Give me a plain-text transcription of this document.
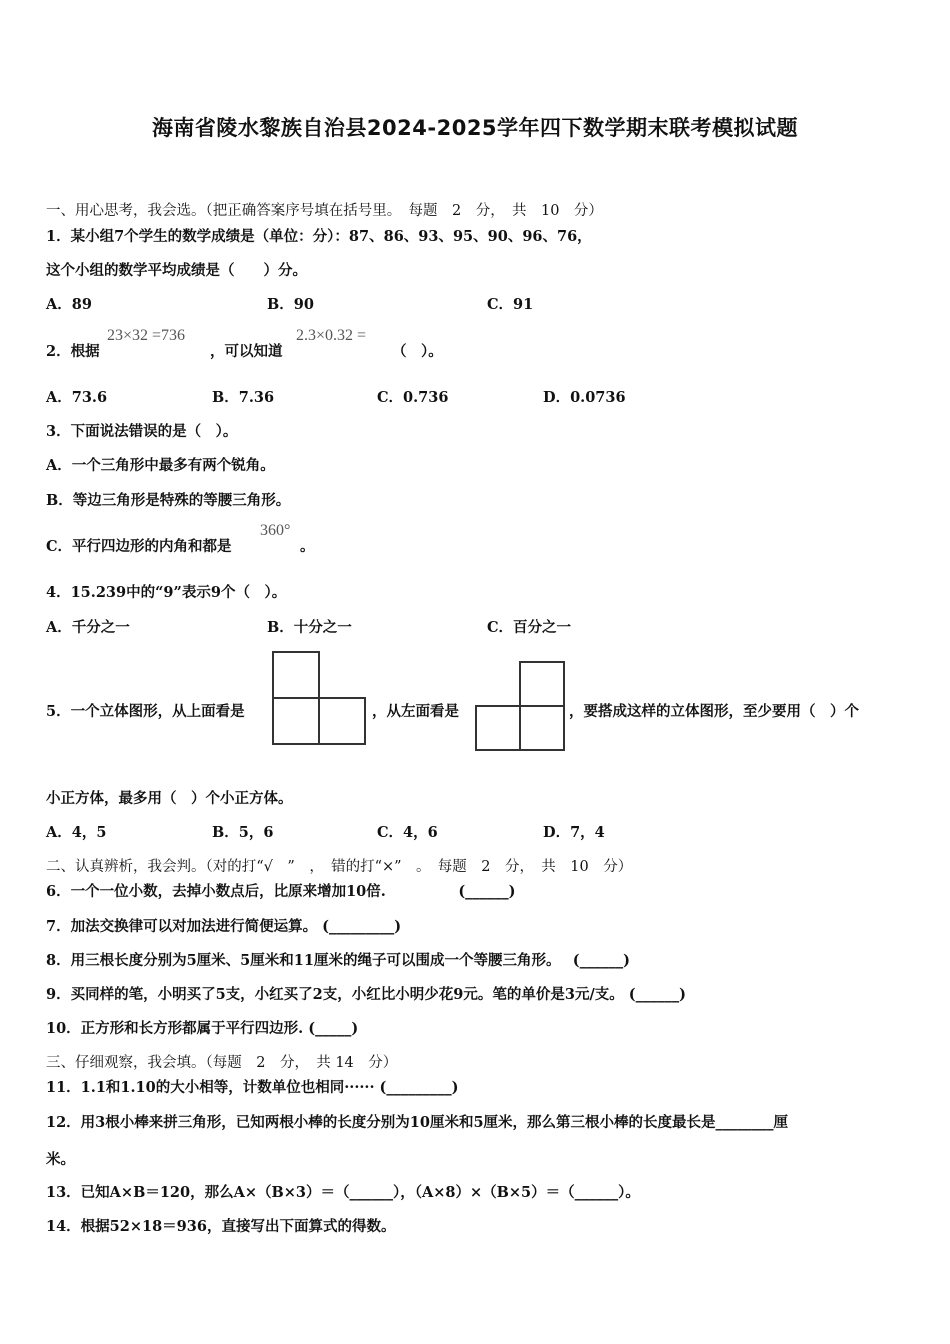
海南省陵水黎族自治县2024-2025学年四下数学期末联考模拟试题
一、用心思考，我会选。（把正确答案序号填在括号里。　每题　2　分，　共　10　分）
1．某小组7个学生的数学成绩是（单位：分）：87、86、93、95、90、96、76，
这个小组的数学平均成绩是（　　）分。
A．89	B．90	C．91
2．根据
23×32 =736
，可以知道
2.3×0.32 =
（　）。
A．73.6	B．7.36	C．0.736	D．0.0736
3．下面说法错误的是（　）。
A．一个三角形中最多有两个锐角。
B．等边三角形是特殊的等腰三角形。
C．平行四边形的内角和都是
360°
。
4．15.239中的“9”表示9个（　）。
A．千分之一	B．十分之一	C．百分之一
5．一个立体图形，从上面看是	，从左面看是	，要搭成这样的立体图形，至少要用（　）个
小正方体，最多用（　）个小正方体。
A．4，5	B．5，6	C．4，6	D．7，4
二、认真辨析，我会判。（对的打“√　”　，　错的打“×”　。　每题　2　分，　共　10　分）
6．一个一位小数，去掉小数点后，比原来增加10倍.　　　　　(______)
7．加法交换律可以对加法进行简便运算。 (_________)
8．用三根长度分别为5厘米、5厘米和11厘米的绳子可以围成一个等腰三角形。　 (______)
9．买同样的笔，小明买了5支，小红买了2支，小红比小明少花9元。笔的单价是3元/支。 (______)
10．正方形和长方形都属于平行四边形. (_____)
三、仔细观察，我会填。（每题　2　分，　共 14　分）
11．1.1和1.10的大小相等，计数单位也相同······ (_________)
12．用3根小棒来拼三角形，已知两根小棒的长度分别为10厘米和5厘米，那么第三根小棒的长度最长是________厘
米。
13．已知A×B＝120，那么A×（B×3）＝（______），（A×8）×（B×5）＝（______）。
14．根据52×18＝936，直接写出下面算式的得数。
